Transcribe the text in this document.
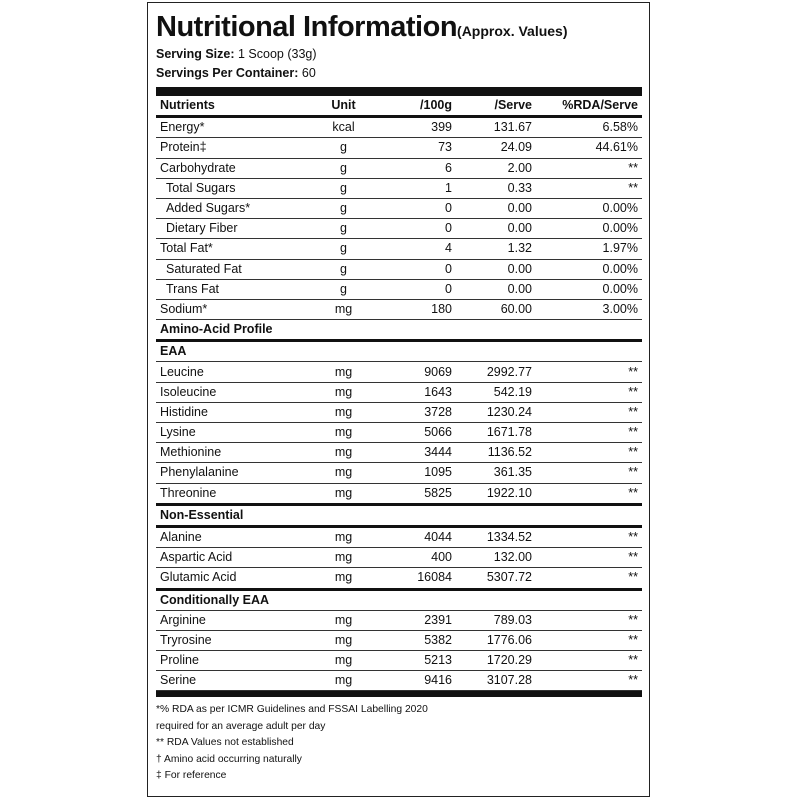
Nutritional Information(Approx. Values)
Serving Size: 1 Scoop (33g)
Servings Per Container: 60
Nutrients	Unit	/100g	/Serve	%RDA/Serve
Energy*	kcal	399	131.67	6.58%
Protein‡	g	73	24.09	44.61%
Carbohydrate	g	6	2.00	**
Total Sugars	g	1	0.33	**
Added Sugars*	g	0	0.00	0.00%
Dietary Fiber	g	0	0.00	0.00%
Total Fat*	g	4	1.32	1.97%
Saturated Fat	g	0	0.00	0.00%
Trans Fat	g	0	0.00	0.00%
Sodium*	mg	180	60.00	3.00%
Amino-Acid Profile				
EAA				
Leucine	mg	9069	2992.77	**
Isoleucine	mg	1643	542.19	**
Histidine	mg	3728	1230.24	**
Lysine	mg	5066	1671.78	**
Methionine	mg	3444	1136.52	**
Phenylalanine	mg	1095	361.35	**
Threonine	mg	5825	1922.10	**
Non-Essential				
Alanine	mg	4044	1334.52	**
Aspartic Acid	mg	400	132.00	**
Glutamic Acid	mg	16084	5307.72	**
Conditionally EAA				
Arginine	mg	2391	789.03	**
Tryrosine	mg	5382	1776.06	**
Proline	mg	5213	1720.29	**
Serine	mg	9416	3107.28	**
*% RDA as per ICMR Guidelines and FSSAI Labelling 2020
required for an average adult per day
** RDA Values not established
† Amino acid occurring naturally
‡ For reference
